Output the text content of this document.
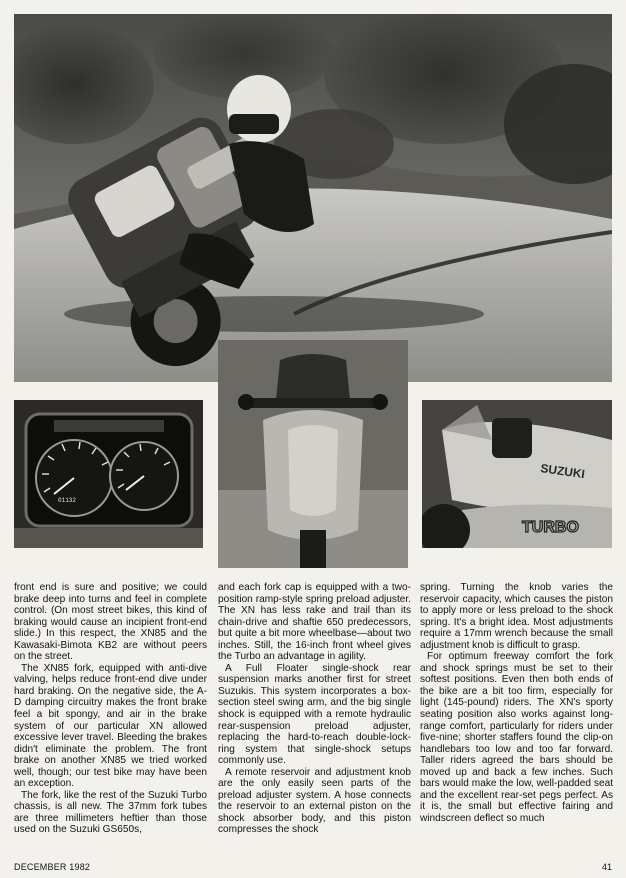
01132
SUZUKI
TURBO

front end is sure and positive; we could brake deep into turns and feel in complete control. (On most street bikes, this kind of braking would cause an incipient front-end slide.) In this respect, the XN85 and the Kawasaki-Bimota KB2 are without peers on the street.

The XN85 fork, equipped with anti-dive valving, helps reduce front-end dive under hard braking. On the negative side, the A-D damping circuitry makes the front brake feel a bit spongy, and air in the brake system of our particular XN allowed excessive lever travel. Bleeding the brakes didn't eliminate the problem. The front brake on another XN85 we tried worked well, though; our test bike may have been an exception.

The fork, like the rest of the Suzuki Turbo chassis, is all new. The 37mm fork tubes are three millimeters heftier than those used on the Suzuki GS650s,

and each fork cap is equipped with a two-position ramp-style spring preload adjuster. The XN has less rake and trail than its chain-drive and shaftie 650 predecessors, but quite a bit more wheelbase—about two inches. Still, the 16-inch front wheel gives the Turbo an advantage in agility.

A Full Floater single-shock rear suspension marks another first for street Suzukis. This system incorporates a box-section steel swing arm, and the big single shock is equipped with a remote hydraulic rear-suspension preload adjuster, replacing the hard-to-reach double-lock-ring system that single-shock setups commonly use.

A remote reservoir and adjustment knob are the only easily seen parts of the preload adjuster system. A hose connects the reservoir to an external piston on the shock absorber body, and this piston compresses the shock

spring. Turning the knob varies the reservoir capacity, which causes the piston to apply more or less preload to the shock spring. It's a bright idea. Most adjustments require a 17mm wrench because the small adjustment knob is difficult to grasp.

For optimum freeway comfort the fork and shock springs must be set to their softest positions. Even then both ends of the bike are a bit too firm, especially for light (145-pound) riders. The XN's sporty seating position also works against long-range comfort, particularly for riders under five-nine; shorter staffers found the clip-on handlebars too low and too far forward. Taller riders agreed the bars should be moved up and back a few inches. Such bars would make the low, well-padded seat and the excellent rear-set pegs perfect. As it is, the small but effective fairing and windscreen deflect so much

DECEMBER 1982	41
